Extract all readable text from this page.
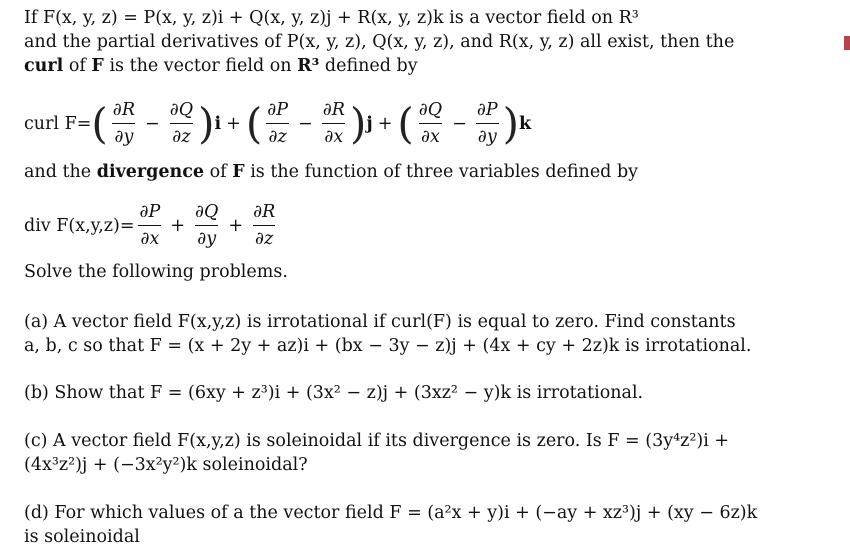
If F(x, y, z) = P(x, y, z)i + Q(x, y, z)j + R(x, y, z)k is a vector field on R³
and the partial derivatives of P(x, y, z), Q(x, y, z), and R(x, y, z) all exist, then the
curl of F is the vector field on R³ defined by
curl F= ( $\frac{\partial R}{\partial y} - \frac{\partial Q}{\partial z}$ ) i + ( $\frac{\partial P}{\partial z} - \frac{\partial R}{\partial x}$ ) j + ( $\frac{\partial Q}{\partial x} - \frac{\partial P}{\partial y}$ ) k
and the divergence of F is the function of three variables defined by
div $F(x,y,z)= \frac{\partial P}{\partial x} + \frac{\partial Q}{\partial y} + \frac{\partial R}{\partial z}$
Solve the following problems.
(a) A vector field F(x,y,z) is irrotational if curl(F) is equal to zero. Find constants
a, b, c so that F = (x + 2y + az)i + (bx − 3y − z)j + (4x + cy + 2z)k is irrotational.
(b) Show that F = (6xy + z³)i + (3x² − z)j + (3xz² − y)k is irrotational.
(c) A vector field F(x,y,z) is soleinoidal if its divergence is zero. Is F = (3y⁴z²)i +
(4x³z²)j + (−3x²y²)k soleinoidal?
(d) For which values of a the vector field F = (a²x + y)i + (−ay + xz³)j + (xy − 6z)k
is soleinoidal
